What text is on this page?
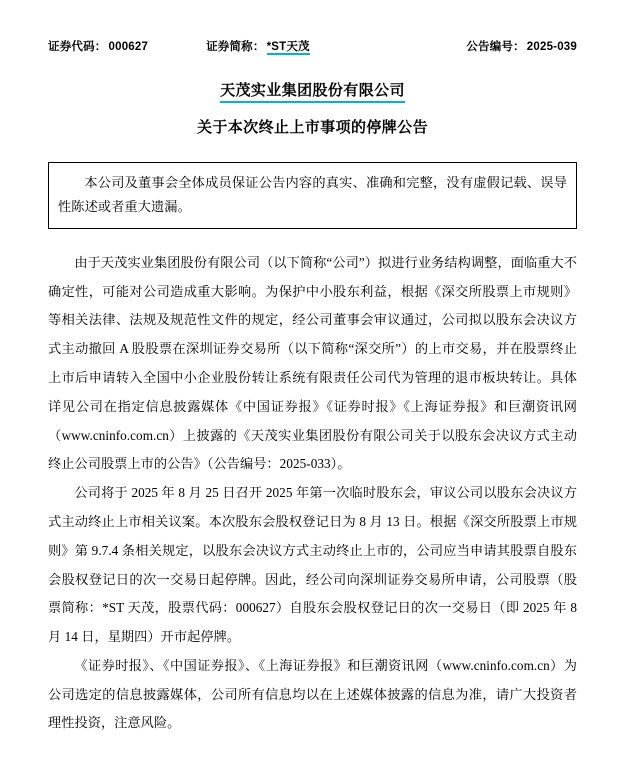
证券代码： 000627	证券简称： *ST天茂	公告编号： 2025-039
天茂实业集团股份有限公司
关于本次终止上市事项的停牌公告

本公司及董事会全体成员保证公告内容的真实、准确和完整，没有虚假记载、误导性陈述或者重大遗漏。

由于天茂实业集团股份有限公司（以下简称“公司”）拟进行业务结构调整，面临重大不确定性，可能对公司造成重大影响。为保护中小股东利益，根据《深交所股票上市规则》等相关法律、法规及规范性文件的规定，经公司董事会审议通过，公司拟以股东会决议方式主动撤回 A 股股票在深圳证券交易所（以下简称“深交所”）的上市交易，并在股票终止上市后申请转入全国中小企业股份转让系统有限责任公司代为管理的退市板块转让。具体详见公司在指定信息披露媒体《中国证券报》《证券时报》《上海证券报》和巨潮资讯网（www.cninfo.com.cn）上披露的《天茂实业集团股份有限公司关于以股东会决议方式主动终止公司股票上市的公告》（公告编号：2025-033）。

公司将于 2025 年 8 月 25 日召开 2025 年第一次临时股东会，审议公司以股东会决议方式主动终止上市相关议案。本次股东会股权登记日为 8 月 13 日。根据《深交所股票上市规则》第 9.7.4 条相关规定，以股东会决议方式主动终止上市的，公司应当申请其股票自股东会股权登记日的次一交易日起停牌。因此，经公司向深圳证券交易所申请，公司股票（股票简称：*ST 天茂，股票代码：000627）自股东会股权登记日的次一交易日（即 2025 年 8 月 14 日，星期四）开市起停牌。

《证券时报》、《中国证券报》、《上海证券报》和巨潮资讯网（www.cninfo.com.cn）为公司选定的信息披露媒体，公司所有信息均以在上述媒体披露的信息为准，请广大投资者理性投资，注意风险。
